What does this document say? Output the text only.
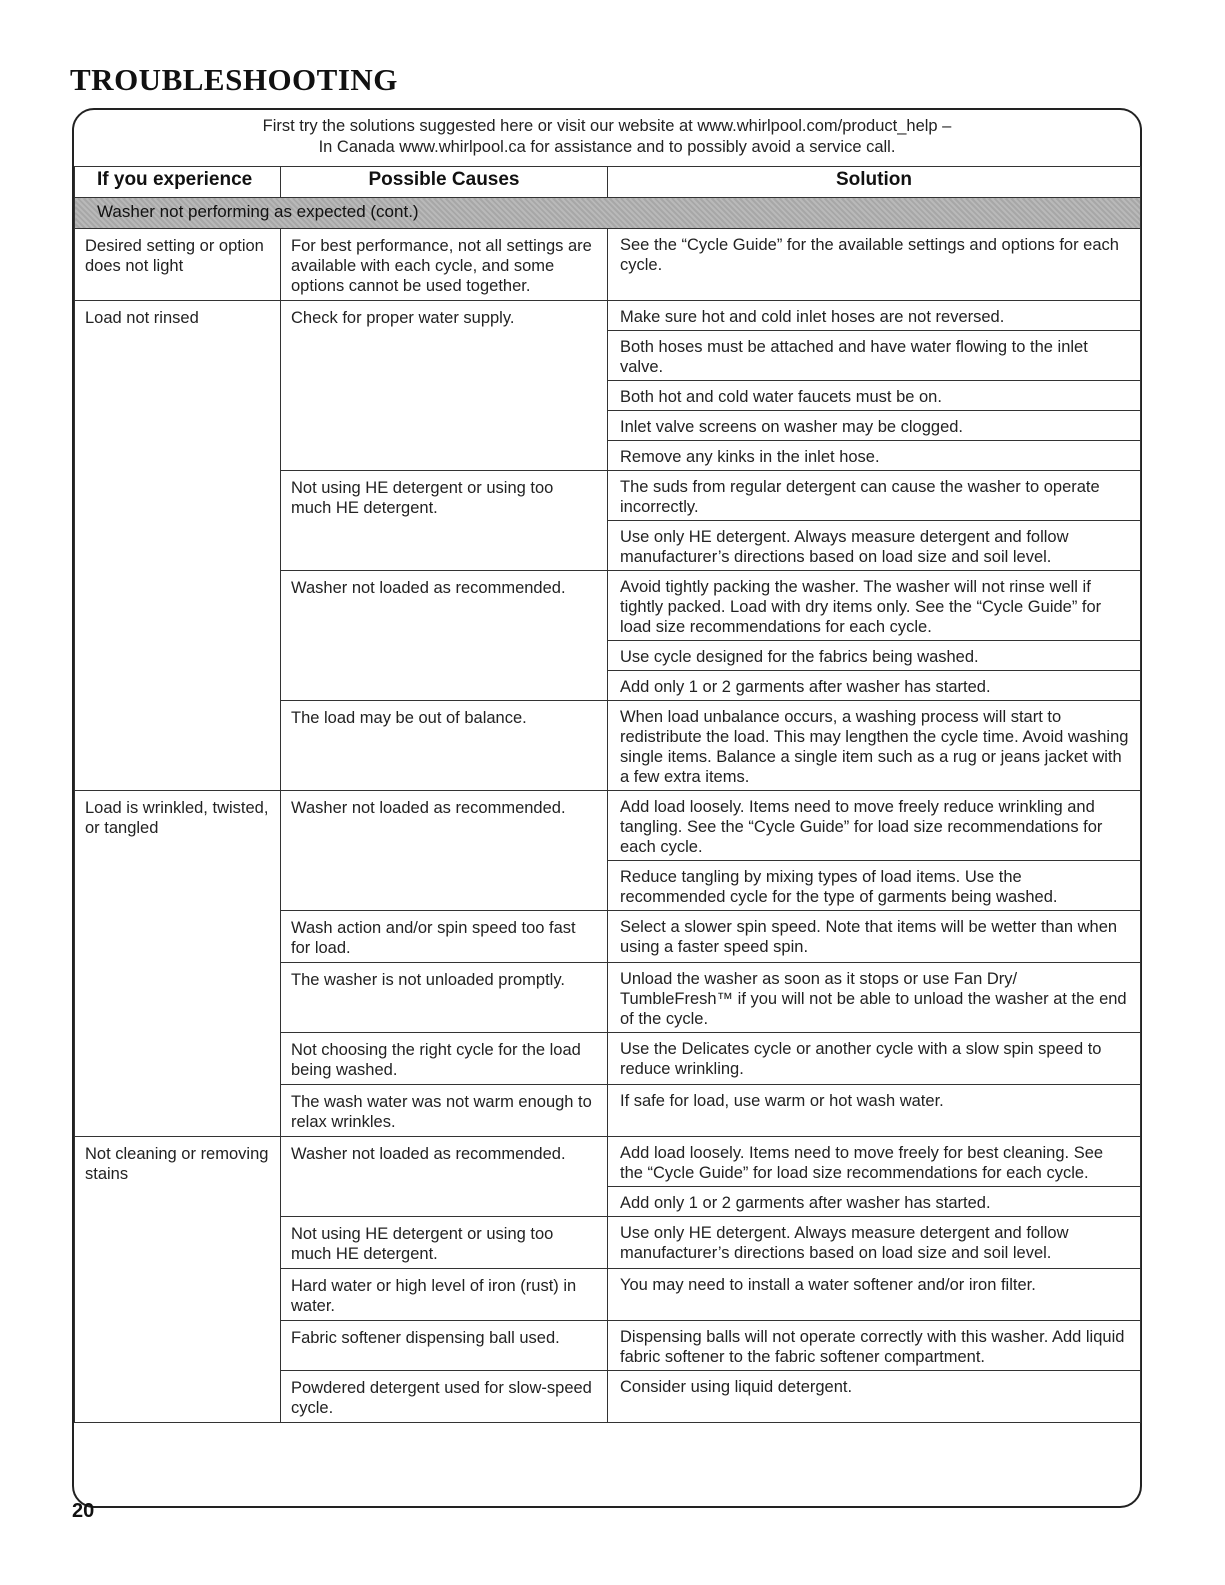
TROUBLESHOOTING
First try the solutions suggested here or visit our website at www.whirlpool.com/product_help –
In Canada www.whirlpool.ca for assistance and to possibly avoid a service call.
If you experience	Possible Causes	Solution
Washer not performing as expected (cont.)		
Desired setting or option does not light	For best performance, not all settings are available with each cycle, and some options cannot be used together.	See the “Cycle Guide” for the available settings and options for each cycle.
Load not rinsed	Check for proper water supply.	Make sure hot and cold inlet hoses are not reversed.
		Both hoses must be attached and have water flowing to the inlet valve.
		Both hot and cold water faucets must be on.
		Inlet valve screens on washer may be clogged.
		Remove any kinks in the inlet hose.
	Not using HE detergent or using too much HE detergent.	The suds from regular detergent can cause the washer to operate incorrectly.
		Use only HE detergent. Always measure detergent and follow manufacturer’s directions based on load size and soil level.
	Washer not loaded as recommended.	Avoid tightly packing the washer. The washer will not rinse well if tightly packed. Load with dry items only. See the “Cycle Guide” for load size recommendations for each cycle.
		Use cycle designed for the fabrics being washed.
		Add only 1 or 2 garments after washer has started.
	The load may be out of balance.	When load unbalance occurs, a washing process will start to redistribute the load. This may lengthen the cycle time. Avoid washing single items. Balance a single item such as a rug or jeans jacket with a few extra items.
Load is wrinkled, twisted, or tangled	Washer not loaded as recommended.	Add load loosely. Items need to move freely reduce wrinkling and tangling. See the “Cycle Guide” for load size recommendations for each cycle.
		Reduce tangling by mixing types of load items. Use the recommended cycle for the type of garments being washed.
	Wash action and/or spin speed too fast for load.	Select a slower spin speed. Note that items will be wetter than when using a faster speed spin.
	The washer is not unloaded promptly.	Unload the washer as soon as it stops or use Fan Dry/ TumbleFresh™ if you will not be able to unload the washer at the end of the cycle.
	Not choosing the right cycle for the load being washed.	Use the Delicates cycle or another cycle with a slow spin speed to reduce wrinkling.
	The wash water was not warm enough to relax wrinkles.	If safe for load, use warm or hot wash water.
Not cleaning or removing stains	Washer not loaded as recommended.	Add load loosely. Items need to move freely for best cleaning. See the “Cycle Guide” for load size recommendations for each cycle.
		Add only 1 or 2 garments after washer has started.
	Not using HE detergent or using too much HE detergent.	Use only HE detergent. Always measure detergent and follow manufacturer’s directions based on load size and soil level.
	Hard water or high level of iron (rust) in water.	You may need to install a water softener and/or iron filter.
	Fabric softener dispensing ball used.	Dispensing balls will not operate correctly with this washer. Add liquid fabric softener to the fabric softener compartment.
	Powdered detergent used for slow-speed cycle.	Consider using liquid detergent.
20
